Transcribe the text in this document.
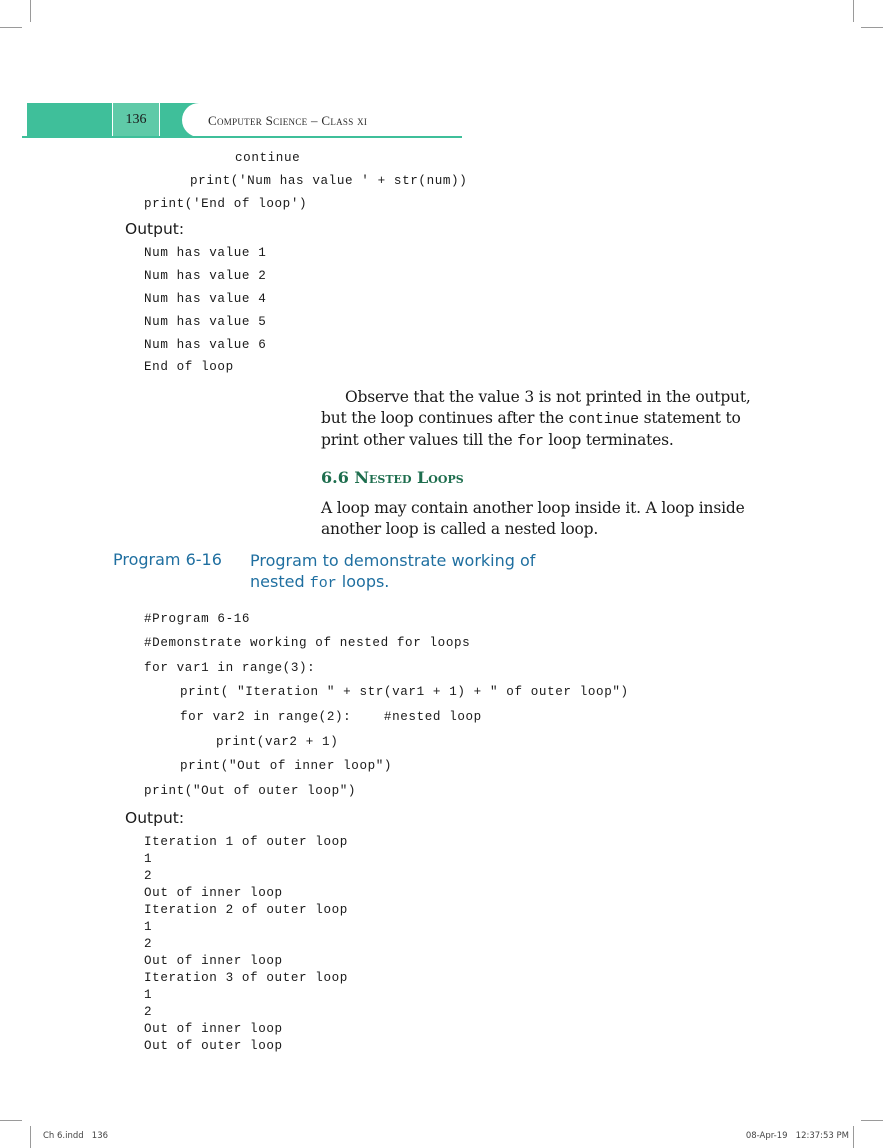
136	Computer Science – Class xi
continue
print('Num has value ' + str(num))
print('End of loop')
Output:
Num has value 1
Num has value 2
Num has value 4
Num has value 5
Num has value 6
End of loop
Observe that the value 3 is not printed in the output, but the loop continues after the continue statement to print other values till the for loop terminates.
6.6 Nested Loops
A loop may contain another loop inside it. A loop inside another loop is called a nested loop.
Program 6-16 Program to demonstrate working of nested for loops.
#Program 6-16
#Demonstrate working of nested for loops
for var1 in range(3):
print( "Iteration " + str(var1 + 1) + " of outer loop")
for var2 in range(2):    #nested loop
print(var2 + 1)
print("Out of inner loop")
print("Out of outer loop")
Output:
Iteration 1 of outer loop
1
2
Out of inner loop
Iteration 2 of outer loop
1
2
Out of inner loop
Iteration 3 of outer loop
1
2
Out of inner loop
Out of outer loop
Ch 6.indd   136	08-Apr-19   12:37:53 PM
